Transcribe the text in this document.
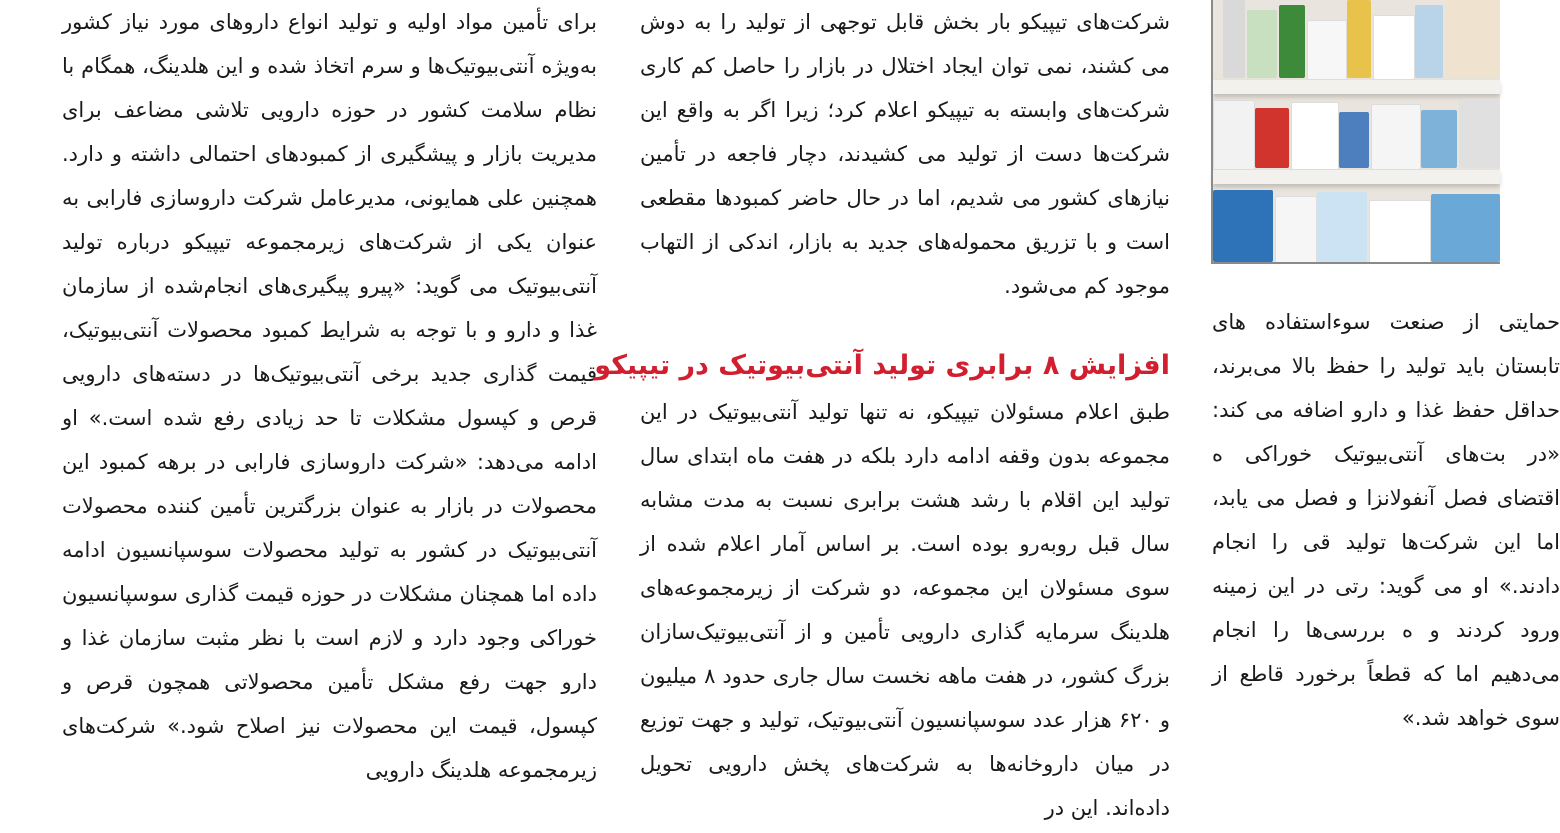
برای تأمین مواد اولیه و تولید انواع داروهای مورد نیاز کشور به‌ویژه آنتی‌بیوتیک‌ها و سرم اتخاذ شده و این هلدینگ، همگام با نظام سلامت کشور در حوزه دارویی تلاشی مضاعف برای مدیریت بازار و پیشگیری از کمبودهای احتمالی داشته و دارد. همچنین علی همایونی، مدیرعامل شرکت داروسازی فارابی به عنوان یکی از شرکت‌های زیرمجموعه تیپیکو درباره تولید آنتی‌بیوتیک می گوید: «پیرو پیگیری‌های انجام‌شده از سازمان غذا و دارو و با توجه به شرایط کمبود محصولات آنتی‌بیوتیک، قیمت گذاری جدید برخی آنتی‌بیوتیک‌ها در دسته‌های دارویی قرص و کپسول مشکلات تا حد زیادی رفع شده است.» او ادامه می‌دهد: «شرکت داروسازی فارابی در برهه کمبود این محصولات در بازار به عنوان بزرگترین تأمین کننده محصولات آنتی‌بیوتیک در کشور به تولید محصولات سوسپانسیون ادامه داده اما همچنان مشکلات در حوزه قیمت گذاری سوسپانسیون خوراکی وجود دارد و لازم است با نظر مثبت سازمان غذا و دارو جهت رفع مشکل تأمین محصولاتی همچون قرص و کپسول، قیمت این محصولات نیز اصلاح شود.» شرکت‌های زیرمجموعه هلدینگ دارویی

شرکت‌های تیپیکو بار بخش قابل توجهی از تولید را به دوش می کشند، نمی توان ایجاد اختلال در بازار را حاصل کم کاری شرکت‌های وابسته به تیپیکو اعلام کرد؛ زیرا اگر به واقع این شرکت‌ها دست از تولید می کشیدند، دچار فاجعه در تأمین نیازهای کشور می شدیم، اما در حال حاضر کمبودها مقطعی است و با تزریق محموله‌های جدید به بازار، اندکی از التهاب موجود کم می‌شود.

افزایش ۸ برابری تولید آنتی‌بیوتیک در تیپیکو

طبق اعلام مسئولان تیپیکو، نه تنها تولید آنتی‌بیوتیک در این مجموعه بدون وقفه ادامه دارد بلکه در هفت ماه ابتدای سال تولید این اقلام با رشد هشت برابری نسبت به مدت مشابه سال قبل روبه‌رو بوده است. بر اساس آمار اعلام شده از سوی مسئولان این مجموعه، دو شرکت از زیرمجموعه‌های هلدینگ سرمایه گذاری دارویی تأمین و از آنتی‌بیوتیک‌سازان بزرگ کشور، در هفت ماهه نخست سال جاری حدود ۸ میلیون و ۶۲۰ هزار عدد سوسپانسیون آنتی‌بیوتیک، تولید و جهت توزیع در میان داروخانه‌ها به شرکت‌های پخش دارویی تحویل داده‌اند. این در

حمایتی از صنعت سوءاستفاده های تابستان باید تولید را حفظ بالا می‌برند، حداقل حفظ غذا و دارو اضافه می کند: «در بت‌های آنتی‌بیوتیک خوراکی ه اقتضای فصل آنفولانزا و فصل می یابد، اما این شرکت‌ها تولید قی را انجام دادند.» او می گوید: رتی در این زمینه ورود کردند و ه بررسی‌ها را انجام می‌دهیم اما که قطعاً برخورد قاطع از سوی خواهد شد.»
